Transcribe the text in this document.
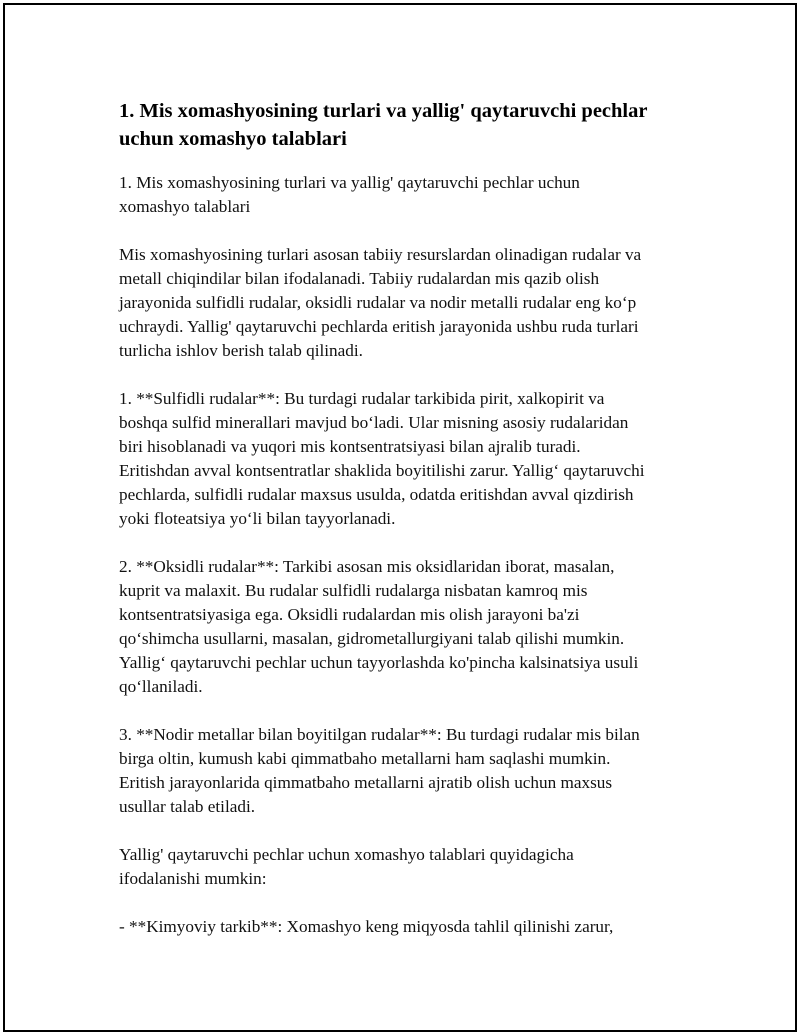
1. Mis xomashyosining turlari va yallig' qaytaruvchi pechlar
uchun xomashyo talablari

1. Mis xomashyosining turlari va yallig' qaytaruvchi pechlar uchun
xomashyo talablari

Mis xomashyosining turlari asosan tabiiy resurslardan olinadigan rudalar va
metall chiqindilar bilan ifodalanadi. Tabiiy rudalardan mis qazib olish
jarayonida sulfidli rudalar, oksidli rudalar va nodir metalli rudalar eng ko‘p
uchraydi. Yallig' qaytaruvchi pechlarda eritish jarayonida ushbu ruda turlari
turlicha ishlov berish talab qilinadi.

1. **Sulfidli rudalar**: Bu turdagi rudalar tarkibida pirit, xalkopirit va
boshqa sulfid minerallari mavjud bo‘ladi. Ular misning asosiy rudalaridan
biri hisoblanadi va yuqori mis kontsentratsiyasi bilan ajralib turadi.
Eritishdan avval kontsentratlar shaklida boyitilishi zarur. Yallig‘ qaytaruvchi
pechlarda, sulfidli rudalar maxsus usulda, odatda eritishdan avval qizdirish
yoki floteatsiya yo‘li bilan tayyorlanadi.

2. **Oksidli rudalar**: Tarkibi asosan mis oksidlaridan iborat, masalan,
kuprit va malaxit. Bu rudalar sulfidli rudalarga nisbatan kamroq mis
kontsentratsiyasiga ega. Oksidli rudalardan mis olish jarayoni ba'zi
qo‘shimcha usullarni, masalan, gidrometallurgiyani talab qilishi mumkin.
Yallig‘ qaytaruvchi pechlar uchun tayyorlashda ko'pincha kalsinatsiya usuli
qo‘llaniladi.

3. **Nodir metallar bilan boyitilgan rudalar**: Bu turdagi rudalar mis bilan
birga oltin, kumush kabi qimmatbaho metallarni ham saqlashi mumkin.
Eritish jarayonlarida qimmatbaho metallarni ajratib olish uchun maxsus
usullar talab etiladi.

Yallig' qaytaruvchi pechlar uchun xomashyo talablari quyidagicha
ifodalanishi mumkin:

- **Kimyoviy tarkib**: Xomashyo keng miqyosda tahlil qilinishi zarur,
